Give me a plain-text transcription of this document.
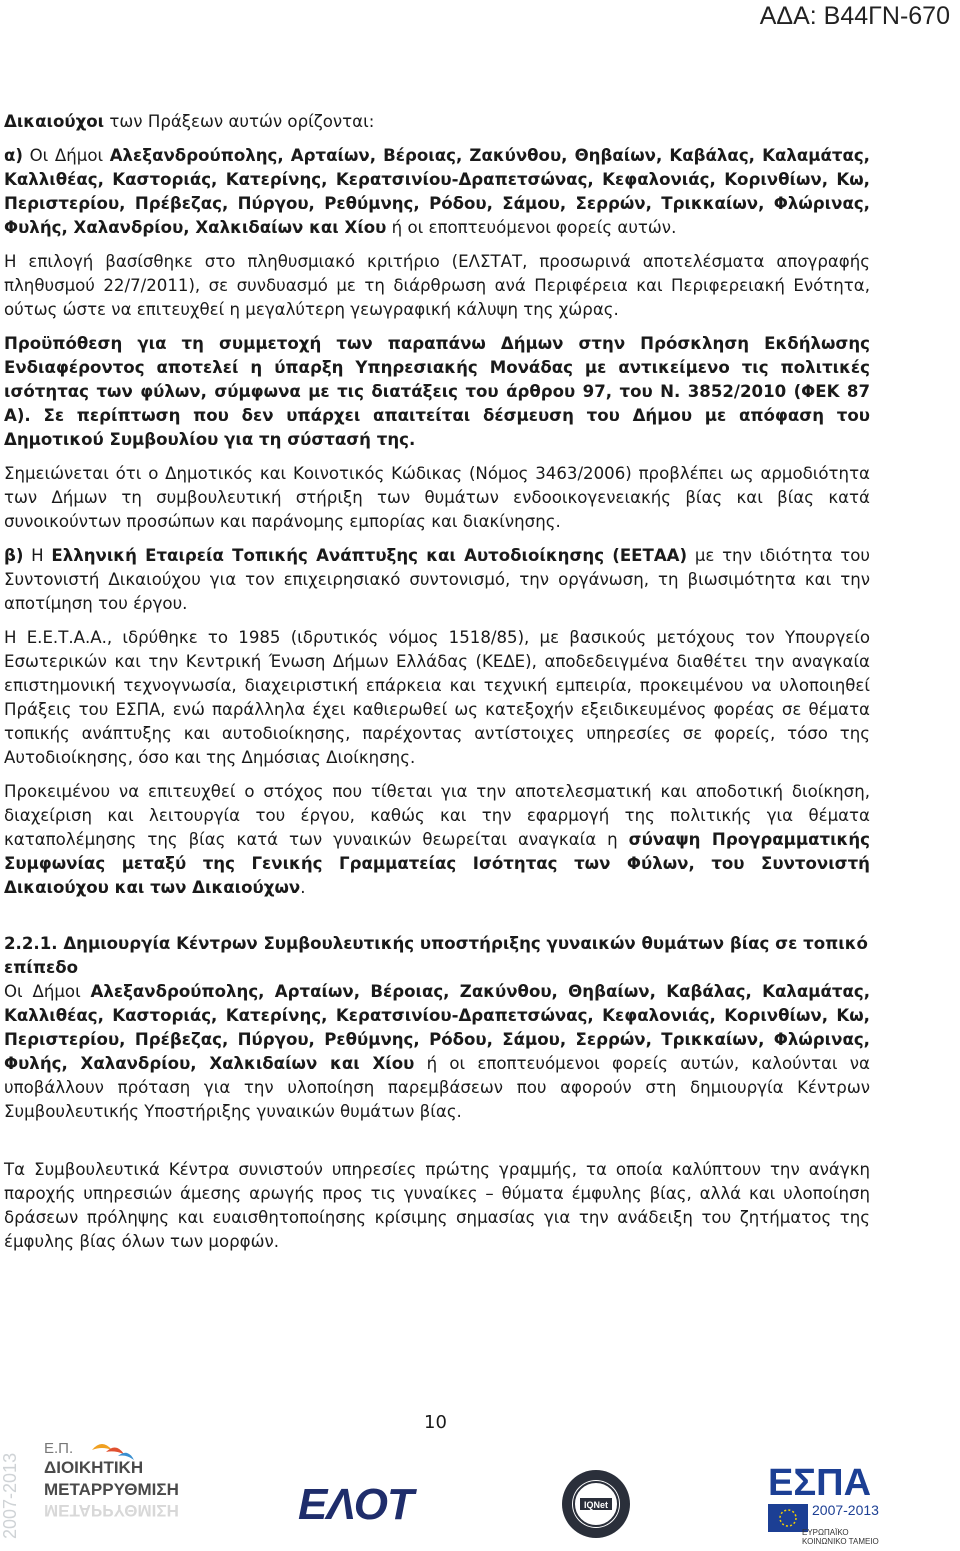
ΑΔΑ: Β44ΓΝ-670

Δικαιούχοι των Πράξεων αυτών ορίζονται:

α) Οι Δήμοι Αλεξανδρούπολης, Αρταίων, Βέροιας, Ζακύνθου, Θηβαίων, Καβάλας, Καλαμάτας, Καλλιθέας, Καστοριάς, Κατερίνης, Κερατσινίου-Δραπετσώνας, Κεφαλονιάς, Κορινθίων, Κω, Περιστερίου, Πρέβεζας, Πύργου, Ρεθύμνης, Ρόδου, Σάμου, Σερρών, Τρικκαίων, Φλώρινας, Φυλής, Χαλανδρίου, Χαλκιδαίων και Χίου ή οι εποπτευόμενοι φορείς αυτών.

Η επιλογή βασίσθηκε στο πληθυσμιακό κριτήριο (ΕΛΣΤΑΤ, προσωρινά αποτελέσματα απογραφής πληθυσμού 22/7/2011), σε συνδυασμό με τη διάρθρωση ανά Περιφέρεια και Περιφερειακή Ενότητα, ούτως ώστε να επιτευχθεί η μεγαλύτερη γεωγραφική κάλυψη της χώρας.

Προϋπόθεση για τη συμμετοχή των παραπάνω Δήμων στην Πρόσκληση Εκδήλωσης Ενδιαφέροντος αποτελεί η ύπαρξη Υπηρεσιακής Μονάδας με αντικείμενο τις πολιτικές ισότητας των φύλων, σύμφωνα με τις διατάξεις του άρθρου 97, του Ν. 3852/2010 (ΦΕΚ 87 Α). Σε περίπτωση που δεν υπάρχει απαιτείται δέσμευση του Δήμου με απόφαση του Δημοτικού Συμβουλίου για τη σύστασή της.

Σημειώνεται ότι ο Δημοτικός και Κοινοτικός Κώδικας (Νόμος 3463/2006) προβλέπει ως αρμοδιότητα των Δήμων τη συμβουλευτική στήριξη των θυμάτων ενδοοικογενειακής βίας και βίας κατά συνοικούντων προσώπων και παράνομης εμπορίας και διακίνησης.

β) Η Ελληνική Εταιρεία Τοπικής Ανάπτυξης και Αυτοδιοίκησης (ΕΕΤΑΑ) με την ιδιότητα του Συντονιστή Δικαιούχου για τον επιχειρησιακό συντονισμό, την οργάνωση, τη βιωσιμότητα και την αποτίμηση του έργου.

Η Ε.Ε.Τ.Α.Α., ιδρύθηκε το 1985 (ιδρυτικός νόμος 1518/85), με βασικούς μετόχους τον Υπουργείο Εσωτερικών και την Κεντρική Ένωση Δήμων Ελλάδας (ΚΕΔΕ), αποδεδειγμένα διαθέτει την αναγκαία επιστημονική τεχνογνωσία, διαχειριστική επάρκεια και τεχνική εμπειρία, προκειμένου να υλοποιηθεί Πράξεις του ΕΣΠΑ, ενώ παράλληλα έχει καθιερωθεί ως κατεξοχήν εξειδικευμένος φορέας σε θέματα τοπικής ανάπτυξης και αυτοδιοίκησης, παρέχοντας αντίστοιχες υπηρεσίες σε φορείς, τόσο της Αυτοδιοίκησης, όσο και της Δημόσιας Διοίκησης.

Προκειμένου να επιτευχθεί ο στόχος που τίθεται για την αποτελεσματική και αποδοτική διοίκηση, διαχείριση και λειτουργία του έργου, καθώς και την εφαρμογή της πολιτικής για θέματα καταπολέμησης της βίας κατά των γυναικών θεωρείται αναγκαία η σύναψη Προγραμματικής Συμφωνίας μεταξύ της Γενικής Γραμματείας Ισότητας των Φύλων, του Συντονιστή Δικαιούχου και των Δικαιούχων.

2.2.1. Δημιουργία Κέντρων Συμβουλευτικής υποστήριξης γυναικών θυμάτων βίας σε τοπικό επίπεδο

Οι Δήμοι Αλεξανδρούπολης, Αρταίων, Βέροιας, Ζακύνθου, Θηβαίων, Καβάλας, Καλαμάτας, Καλλιθέας, Καστοριάς, Κατερίνης, Κερατσινίου-Δραπετσώνας, Κεφαλονιάς, Κορινθίων, Κω, Περιστερίου, Πρέβεζας, Πύργου, Ρεθύμνης, Ρόδου, Σάμου, Σερρών, Τρικκαίων, Φλώρινας, Φυλής, Χαλανδρίου, Χαλκιδαίων και Χίου ή οι εποπτευόμενοι φορείς αυτών, καλούνται να υποβάλλουν πρόταση για την υλοποίηση παρεμβάσεων που αφορούν στη δημιουργία Κέντρων Συμβουλευτικής Υποστήριξης γυναικών θυμάτων βίας.

Τα Συμβουλευτικά Κέντρα συνιστούν υπηρεσίες πρώτης γραμμής, τα οποία καλύπτουν την ανάγκη παροχής υπηρεσιών άμεσης αρωγής προς τις γυναίκες – θύματα έμφυλης βίας, αλλά και υλοποίηση δράσεων πρόληψης και ευαισθητοποίησης κρίσιμης σημασίας για την ανάδειξη του ζητήματος της έμφυλης βίας όλων των μορφών.

10
2007-2013
Ε.Π.
ΔΙΟΙΚΗΤΙΚΗ
ΜΕΤΑΡΡΥΘΜΙΣΗ
ΜΕΤΑΡΡΥΘΜΙΣΗ	ΕΛΟΤ	IQNet
ΕΣΠΑ
2007-2013
ΕΥΡΩΠΑΪΚΟ ΚΟΙΝΩΝΙΚΟ ΤΑΜΕΙΟ
